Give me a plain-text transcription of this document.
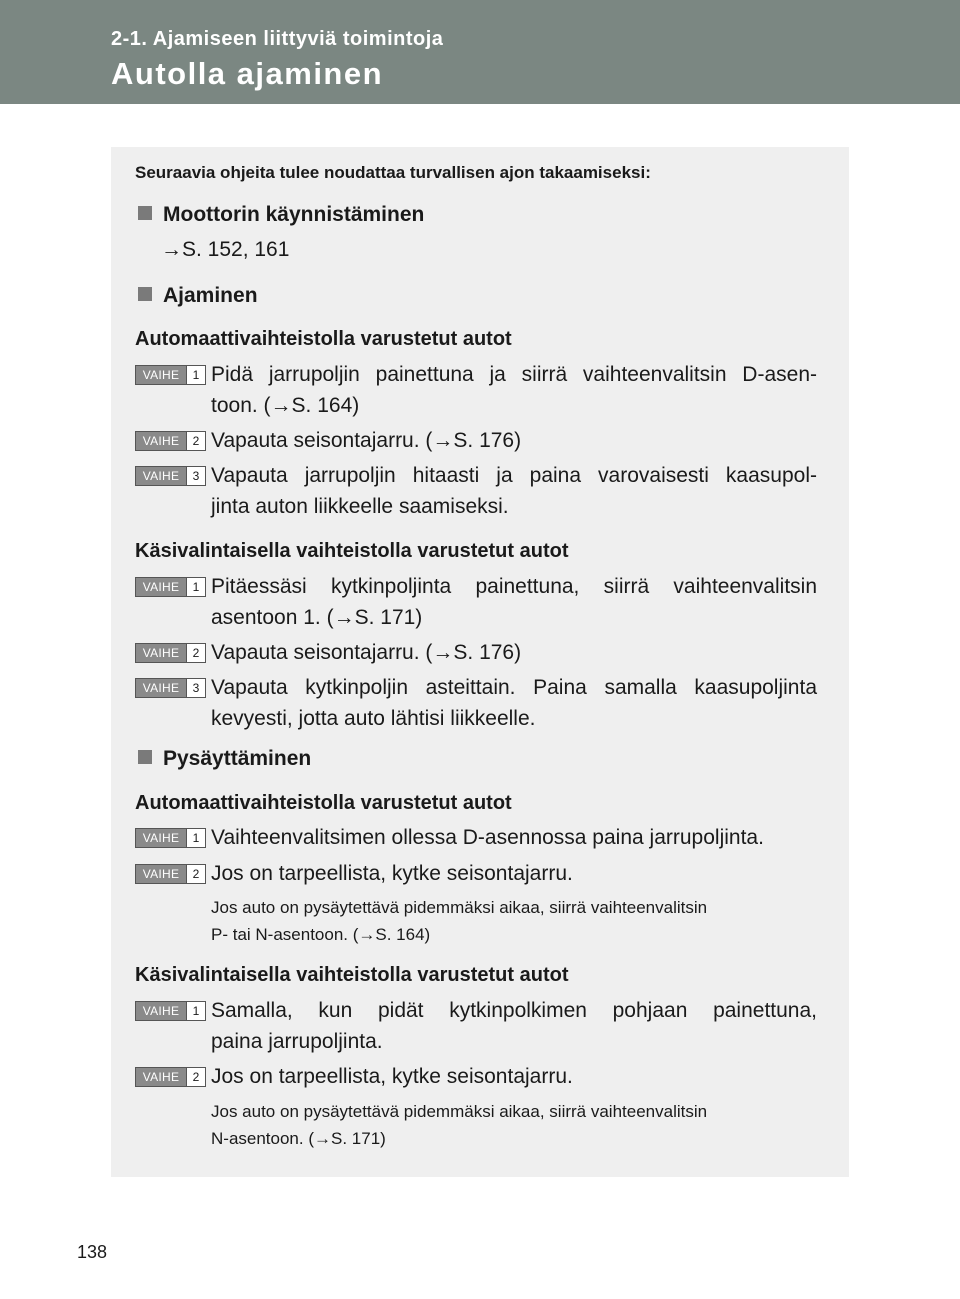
2-1. Ajamiseen liittyviä toimintoja
Autolla ajaminen
Seuraavia ohjeita tulee noudattaa turvallisen ajon takaamiseksi:
Moottorin käynnistäminen
→S. 152, 161
Ajaminen
Automaattivaihteistolla varustetut autot
VAIHE	1 Pidä jarrupoljin painettuna ja siirrä vaihteenvalitsin D-asen-
toon. (→S. 164)
VAIHE	2 Vapauta seisontajarru. (→S. 176)
VAIHE	3 Vapauta jarrupoljin hitaasti ja paina varovaisesti kaasupol-
jinta auton liikkeelle saamiseksi.
Käsivalintaisella vaihteistolla varustetut autot
VAIHE	1 Pitäessäsi kytkinpoljinta painettuna, siirrä vaihteenvalitsin
asentoon 1. (→S. 171)
VAIHE	2 Vapauta seisontajarru. (→S. 176)
VAIHE	3 Vapauta kytkinpoljin asteittain. Paina samalla kaasupoljinta
kevyesti, jotta auto lähtisi liikkeelle.
Pysäyttäminen
Automaattivaihteistolla varustetut autot
VAIHE	1 Vaihteenvalitsimen ollessa D-asennossa paina jarrupoljinta.
VAIHE	2 Jos on tarpeellista, kytke seisontajarru.
Jos auto on pysäytettävä pidemmäksi aikaa, siirrä vaihteenvalitsin
P- tai N-asentoon. (→S. 164)
Käsivalintaisella vaihteistolla varustetut autot
VAIHE	1 Samalla, kun pidät kytkinpolkimen pohjaan painettuna,
paina jarrupoljinta.
VAIHE	2 Jos on tarpeellista, kytke seisontajarru.
Jos auto on pysäytettävä pidemmäksi aikaa, siirrä vaihteenvalitsin
N-asentoon. (→S. 171)
138
